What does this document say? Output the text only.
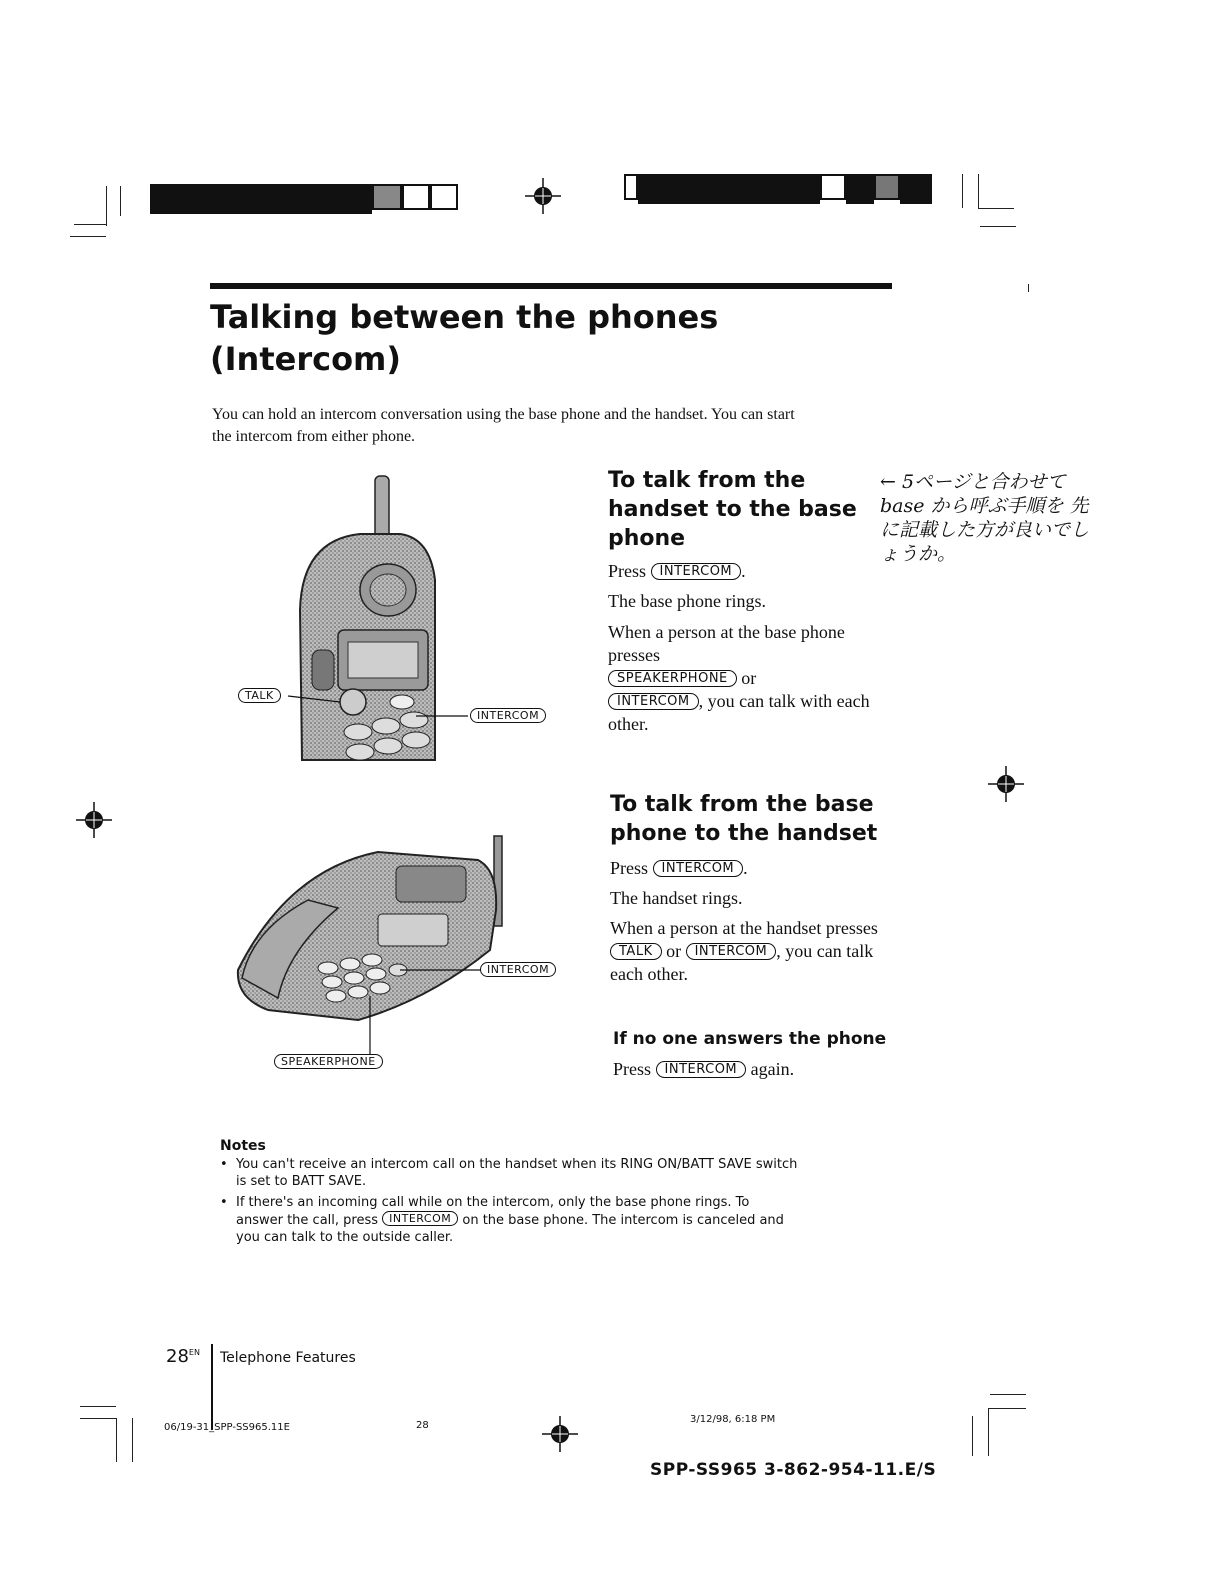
Talking between the phones
(Intercom)
You can hold an intercom conversation using the base phone and the handset. You can start the intercom from either phone.
TALK
INTERCOM
To talk from the
handset to the base
phone
Press INTERCOM .
The base phone rings.
When a person at the base phone presses
SPEAKERPHONE or
INTERCOM , you can talk with each other.
← 5ページと合わせて base から呼ぶ手順を 先に記載した方が良いでしょうか。
INTERCOM
SPEAKERPHONE
To talk from the base
phone to the handset
Press INTERCOM .
The handset rings.
When a person at the handset presses TALK or INTERCOM , you can talk each other.
If no one answers the phone
Press INTERCOM again.
Notes
• You can't receive an intercom call on the handset when its RING ON/BATT SAVE switch is set to BATT SAVE.
• If there's an incoming call while on the intercom, only the base phone rings. To answer the call, press INTERCOM on the base phone. The intercom is canceled and you can talk to the outside caller.
$28^{EN}$ Telephone Features
06/19-31_SPP-SS965.11E	28
3/12/98, 6:18 PM
SPP-SS965 3-862-954-11.E/S
